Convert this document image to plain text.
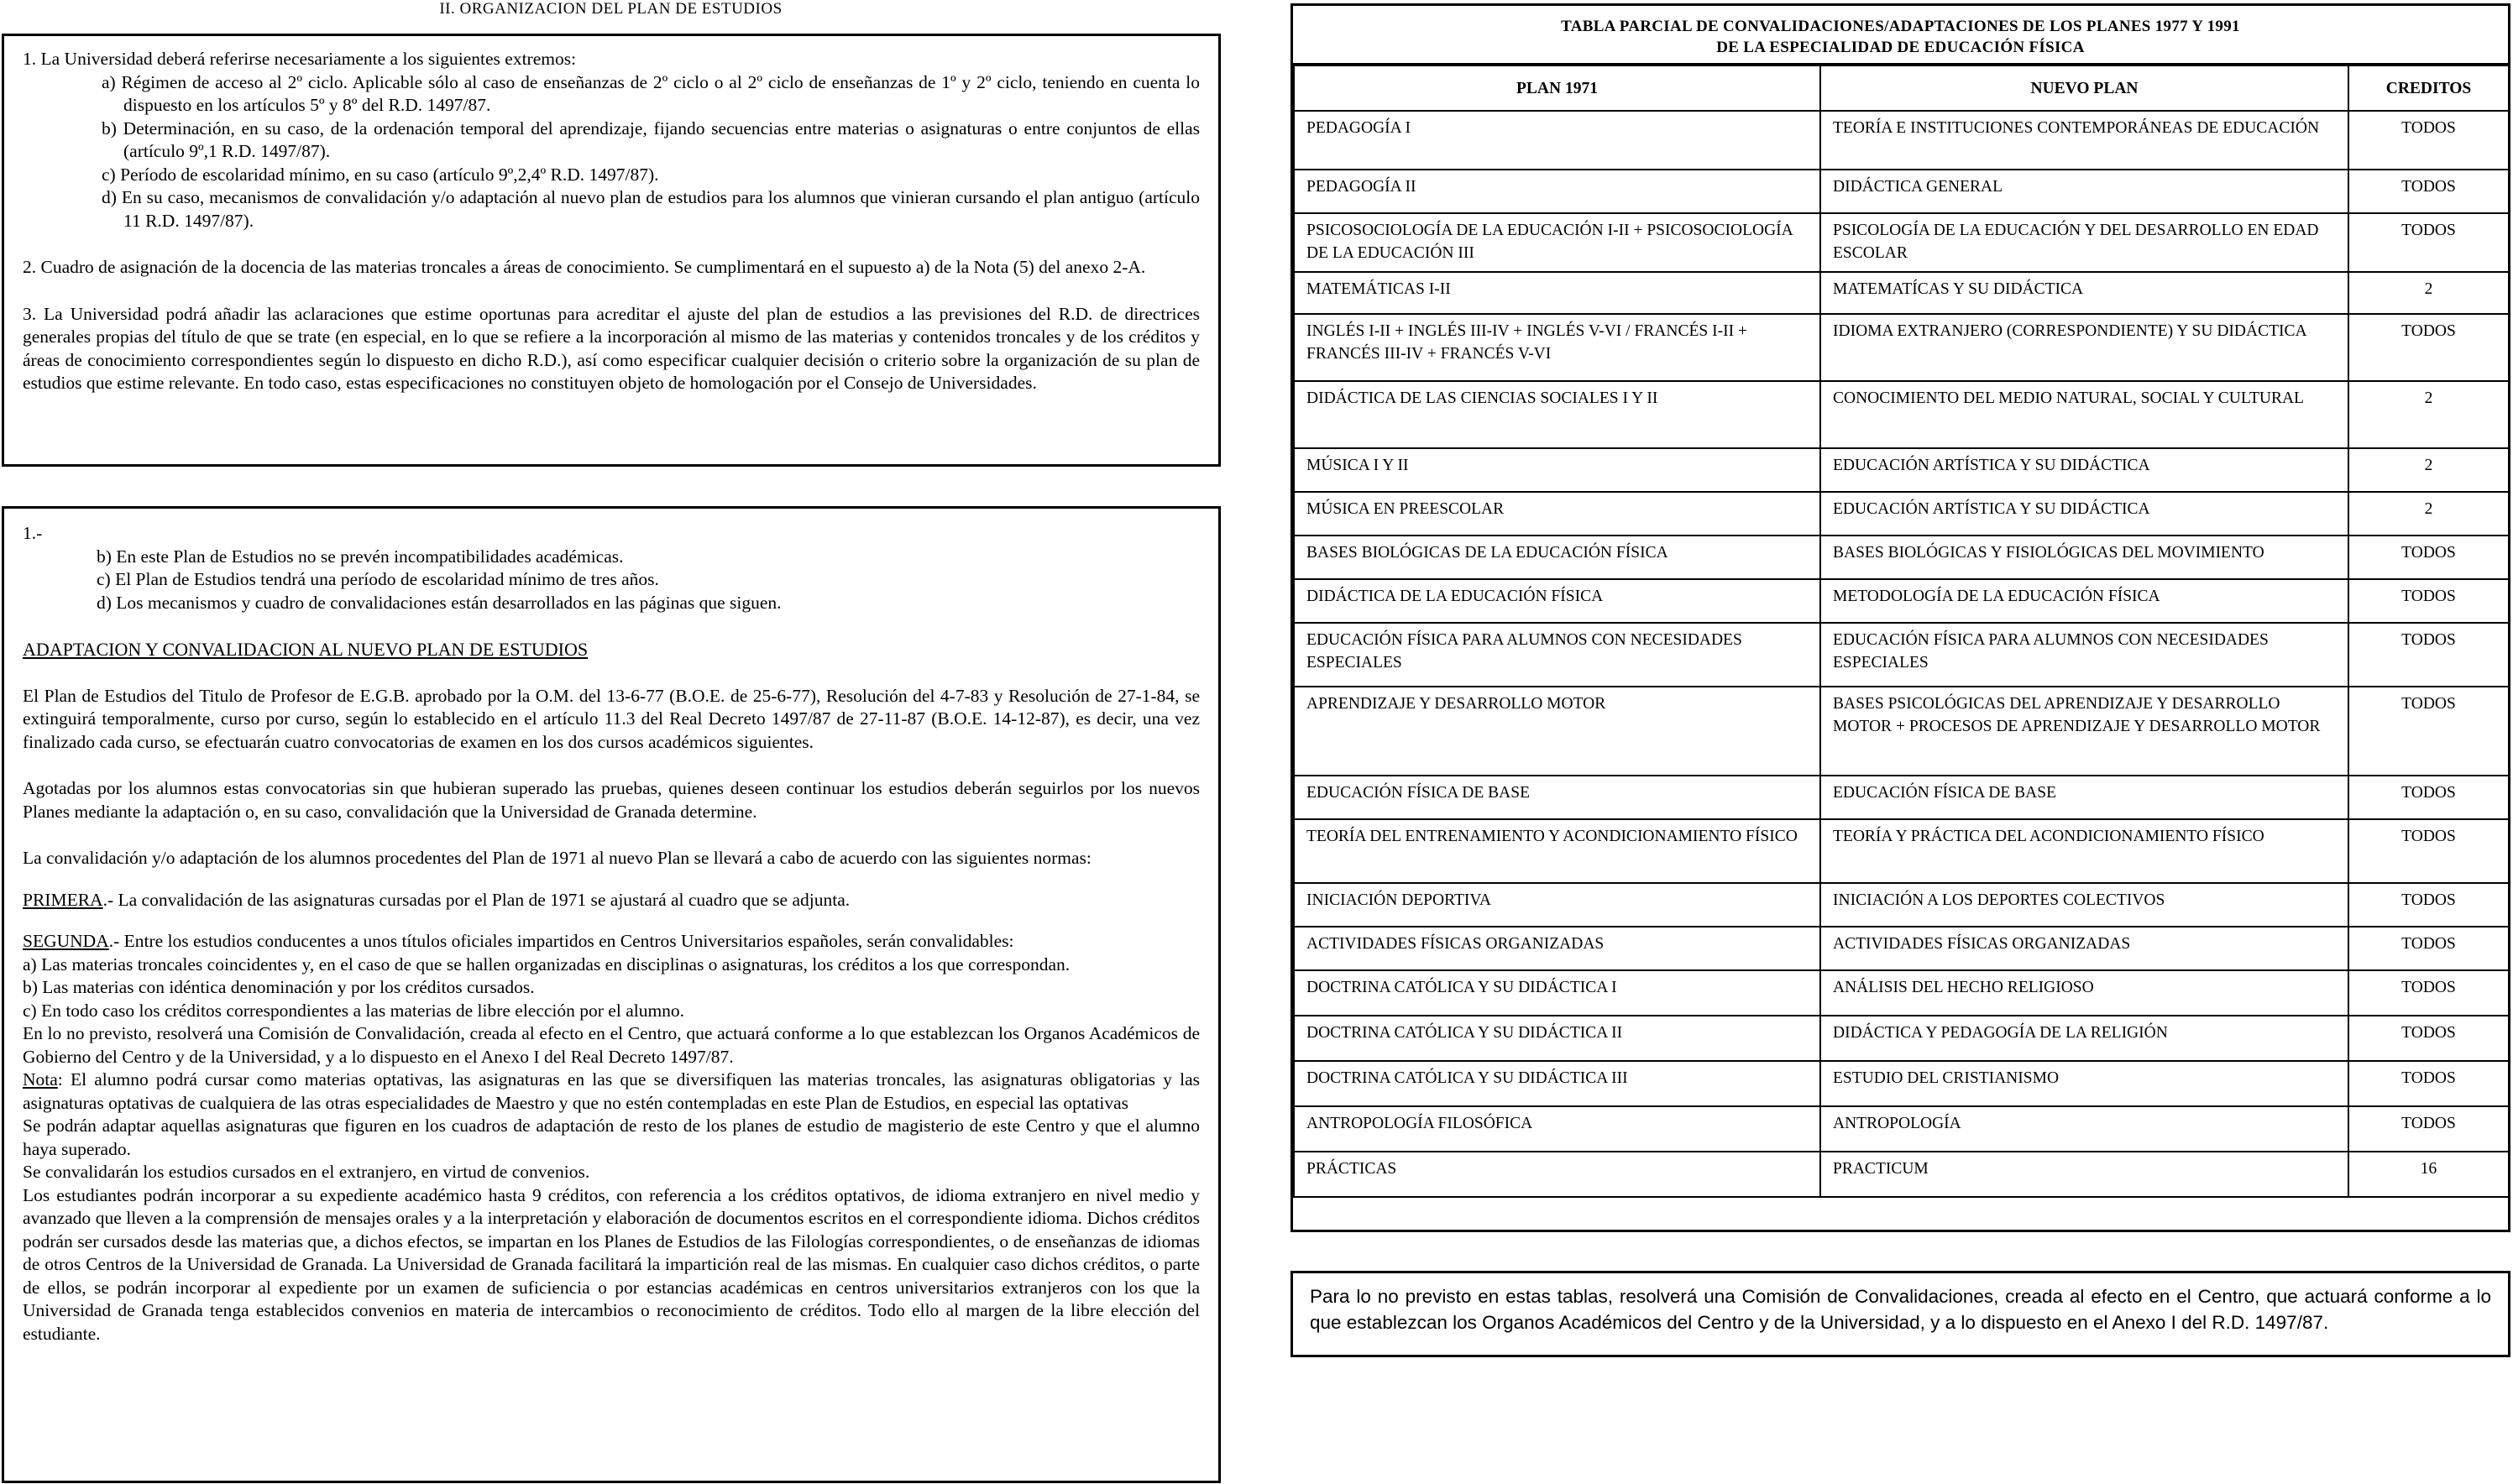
II. ORGANIZACION DEL PLAN DE ESTUDIOS

1. La Universidad deberá referirse necesariamente a los siguientes extremos:

a) Régimen de acceso al 2º ciclo. Aplicable sólo al caso de enseñanzas de 2º ciclo o al 2º ciclo de enseñanzas de 1º y 2º ciclo, teniendo en cuenta lo dispuesto en los artículos 5º y 8º del R.D. 1497/87.

b) Determinación, en su caso, de la ordenación temporal del aprendizaje, fijando secuencias entre materias o asignaturas o entre conjuntos de ellas (artículo 9º,1 R.D. 1497/87).

c) Período de escolaridad mínimo, en su caso (artículo 9º,2,4º R.D. 1497/87).

d) En su caso, mecanismos de convalidación y/o adaptación al nuevo plan de estudios para los alumnos que vinieran cursando el plan antiguo (artículo 11 R.D. 1497/87).

2. Cuadro de asignación de la docencia de las materias troncales a áreas de conocimiento. Se cumplimentará en el supuesto a) de la Nota (5) del anexo 2-A.

3. La Universidad podrá añadir las aclaraciones que estime oportunas para acreditar el ajuste del plan de estudios a las previsiones del R.D. de directrices generales propias del título de que se trate (en especial, en lo que se refiere a la incorporación al mismo de las materias y contenidos troncales y de los créditos y áreas de conocimiento correspondientes según lo dispuesto en dicho R.D.), así como especificar cualquier decisión o criterio sobre la organización de su plan de estudios que estime relevante. En todo caso, estas especificaciones no constituyen objeto de homologación por el Consejo de Universidades.

1.-

b) En este Plan de Estudios no se prevén incompatibilidades académicas.

c) El Plan de Estudios tendrá una período de escolaridad mínimo de tres años.

d) Los mecanismos y cuadro de convalidaciones están desarrollados en las páginas que siguen.

ADAPTACION Y CONVALIDACION AL NUEVO PLAN DE ESTUDIOS

El Plan de Estudios del Titulo de Profesor de E.G.B. aprobado por la O.M. del 13-6-77 (B.O.E. de 25-6-77), Resolución del 4-7-83 y Resolución de 27-1-84, se extinguirá temporalmente, curso por curso, según lo establecido en el artículo 11.3 del Real Decreto 1497/87 de 27-11-87 (B.O.E. 14-12-87), es decir, una vez finalizado cada curso, se efectuarán cuatro convocatorias de examen en los dos cursos académicos siguientes.

Agotadas por los alumnos estas convocatorias sin que hubieran superado las pruebas, quienes deseen continuar los estudios deberán seguirlos por los nuevos Planes mediante la adaptación o, en su caso, convalidación que la Universidad de Granada determine.

La convalidación y/o adaptación de los alumnos procedentes del Plan de 1971 al nuevo Plan se llevará a cabo de acuerdo con las siguientes normas:

PRIMERA.- La convalidación de las asignaturas cursadas por el Plan de 1971 se ajustará al cuadro que se adjunta.

SEGUNDA.- Entre los estudios conducentes a unos títulos oficiales impartidos en Centros Universitarios españoles, serán convalidables:

a) Las materias troncales coincidentes y, en el caso de que se hallen organizadas en disciplinas o asignaturas, los créditos a los que correspondan.

b) Las materias con idéntica denominación y por los créditos cursados.

c) En todo caso los créditos correspondientes a las materias de libre elección por el alumno.

En lo no previsto, resolverá una Comisión de Convalidación, creada al efecto en el Centro, que actuará conforme a lo que establezcan los Organos Académicos de Gobierno del Centro y de la Universidad, y a lo dispuesto en el Anexo I del Real Decreto 1497/87.

Nota: El alumno podrá cursar como materias optativas, las asignaturas en las que se diversifiquen las materias troncales, las asignaturas obligatorias y las asignaturas optativas de cualquiera de las otras especialidades de Maestro y que no estén contempladas en este Plan de Estudios, en especial las optativas

Se podrán adaptar aquellas asignaturas que figuren en los cuadros de adaptación de resto de los planes de estudio de magisterio de este Centro y que el alumno haya superado.

Se convalidarán los estudios cursados en el extranjero, en virtud de convenios.

Los estudiantes podrán incorporar a su expediente académico hasta 9 créditos, con referencia a los créditos optativos, de idioma extranjero en nivel medio y avanzado que lleven a la comprensión de mensajes orales y a la interpretación y elaboración de documentos escritos en el correspondiente idioma. Dichos créditos podrán ser cursados desde las materias que, a dichos efectos, se impartan en los Planes de Estudios de las Filologías correspondientes, o de enseñanzas de idiomas de otros Centros de la Universidad de Granada. La Universidad de Granada facilitará la impartición real de las mismas. En cualquier caso dichos créditos, o parte de ellos, se podrán incorporar al expediente por un examen de suficiencia o por estancias académicas en centros universitarios extranjeros con los que la Universidad de Granada tenga establecidos convenios en materia de intercambios o reconocimiento de créditos. Todo ello al margen de la libre elección del estudiante.

TABLA PARCIAL DE CONVALIDACIONES/ADAPTACIONES DE LOS PLANES 1977 Y 1991
DE LA ESPECIALIDAD DE EDUCACIÓN FÍSICA
PLAN 1971	NUEVO PLAN	CREDITOS
PEDAGOGÍA I	TEORÍA E INSTITUCIONES CONTEMPORÁNEAS DE EDUCACIÓN	TODOS
PEDAGOGÍA II	DIDÁCTICA GENERAL	TODOS
PSICOSOCIOLOGÍA DE LA EDUCACIÓN I-II + PSICOSOCIOLOGÍA DE LA EDUCACIÓN III	PSICOLOGÍA DE LA EDUCACIÓN Y DEL DESARROLLO EN EDAD ESCOLAR	TODOS
MATEMÁTICAS I-II	MATEMATÍCAS Y SU DIDÁCTICA	2
INGLÉS I-II + INGLÉS III-IV + INGLÉS V-VI / FRANCÉS I-II + FRANCÉS III-IV + FRANCÉS V-VI	IDIOMA EXTRANJERO (CORRESPONDIENTE) Y SU DIDÁCTICA	TODOS
DIDÁCTICA DE LAS CIENCIAS SOCIALES I Y II	CONOCIMIENTO DEL MEDIO NATURAL, SOCIAL Y CULTURAL	2
MÚSICA I Y II	EDUCACIÓN ARTÍSTICA Y SU DIDÁCTICA	2
MÚSICA EN PREESCOLAR	EDUCACIÓN ARTÍSTICA Y SU DIDÁCTICA	2
BASES BIOLÓGICAS DE LA EDUCACIÓN FÍSICA	BASES BIOLÓGICAS Y FISIOLÓGICAS DEL MOVIMIENTO	TODOS
DIDÁCTICA DE LA EDUCACIÓN FÍSICA	METODOLOGÍA DE LA EDUCACIÓN FÍSICA	TODOS
EDUCACIÓN FÍSICA PARA ALUMNOS CON NECESIDADES ESPECIALES	EDUCACIÓN FÍSICA PARA ALUMNOS CON NECESIDADES ESPECIALES	TODOS
APRENDIZAJE Y DESARROLLO MOTOR	BASES PSICOLÓGICAS DEL APRENDIZAJE Y DESARROLLO MOTOR + PROCESOS DE APRENDIZAJE Y DESARROLLO MOTOR	TODOS
EDUCACIÓN FÍSICA DE BASE	EDUCACIÓN FÍSICA DE BASE	TODOS
TEORÍA DEL ENTRENAMIENTO Y ACONDICIONAMIENTO FÍSICO	TEORÍA Y PRÁCTICA DEL ACONDICIONAMIENTO FÍSICO	TODOS
INICIACIÓN DEPORTIVA	INICIACIÓN A LOS DEPORTES COLECTIVOS	TODOS
ACTIVIDADES FÍSICAS ORGANIZADAS	ACTIVIDADES FÍSICAS ORGANIZADAS	TODOS
DOCTRINA CATÓLICA Y SU DIDÁCTICA I	ANÁLISIS DEL HECHO RELIGIOSO	TODOS
DOCTRINA CATÓLICA Y SU DIDÁCTICA II	DIDÁCTICA Y PEDAGOGÍA DE LA RELIGIÓN	TODOS
DOCTRINA CATÓLICA Y SU DIDÁCTICA III	ESTUDIO DEL CRISTIANISMO	TODOS
ANTROPOLOGÍA FILOSÓFICA	ANTROPOLOGÍA	TODOS
PRÁCTICAS	PRACTICUM	16
Para lo no previsto en estas tablas, resolverá una Comisión de Convalidaciones, creada al efecto en el Centro, que actuará conforme a lo que establezcan los Organos Académicos del Centro y de la Universidad, y a lo dispuesto en el Anexo I del R.D. 1497/87.
